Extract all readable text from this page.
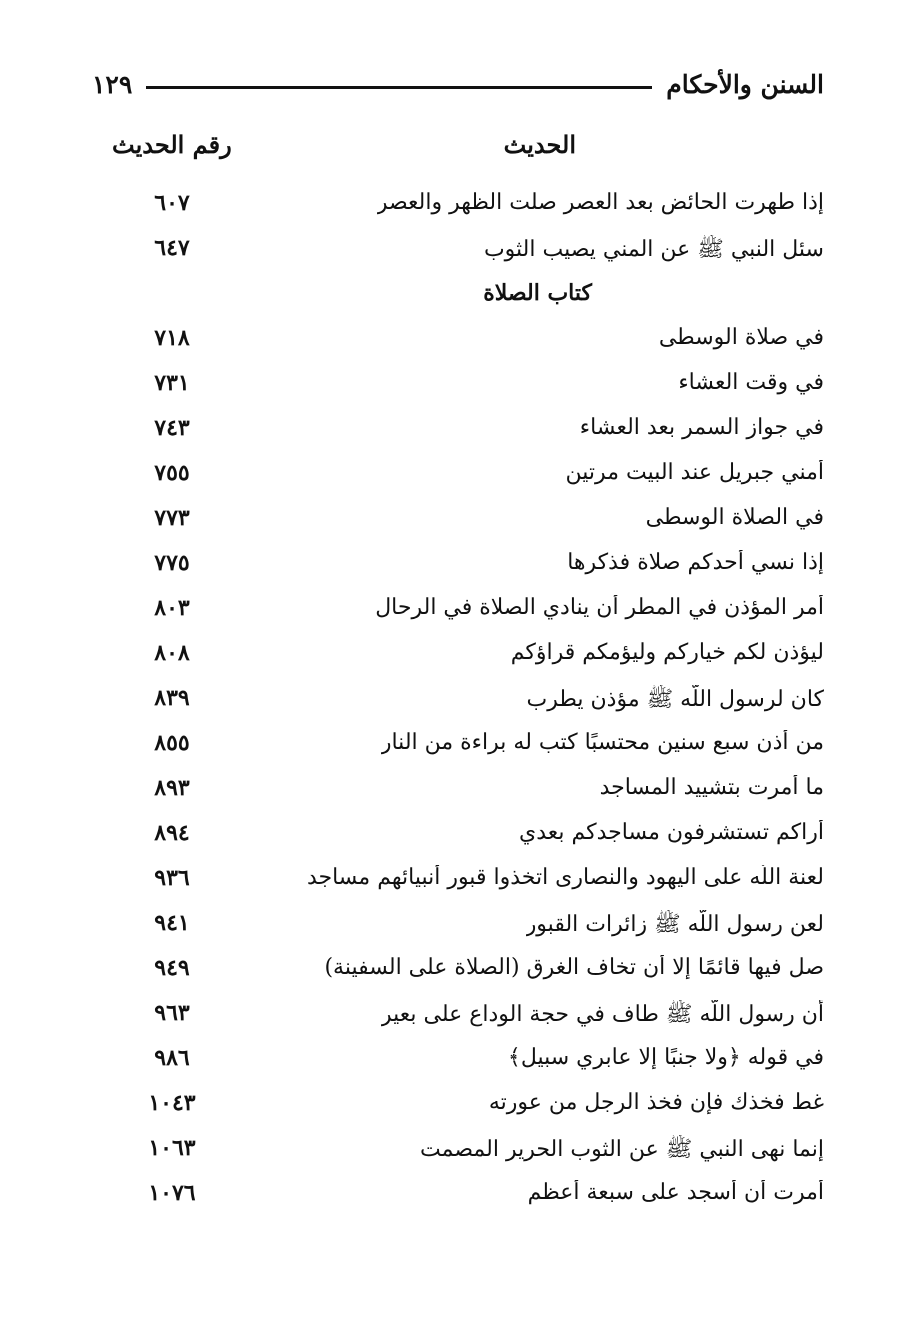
السنن والأحكام
١٢٩
الحديث
رقم الحديث
إذا طهرت الحائض بعد العصر صلت الظهر والعصر
٦٠٧
سئل النبي ﷺ عن المني يصيب الثوب
٦٤٧
كتاب الصلاة
في صلاة الوسطى
٧١٨
في وقت العشاء
٧٣١
في جواز السمر بعد العشاء
٧٤٣
أمني جبريل عند البيت مرتين
٧٥٥
في الصلاة الوسطى
٧٧٣
إذا نسي أحدكم صلاة فذكرها
٧٧٥
أمر المؤذن في المطر أن ينادي الصلاة في الرحال
٨٠٣
ليؤذن لكم خياركم وليؤمكم قراؤكم
٨٠٨
كان لرسول اللّه ﷺ مؤذن يطرب
٨٣٩
من أذن سبع سنين محتسبًا كتب له براءة من النار
٨٥٥
ما أمرت بتشييد المساجد
٨٩٣
أراكم تستشرفون مساجدكم بعدي
٨٩٤
لعنة اللّه على اليهود والنصارى اتخذوا قبور أنبيائهم مساجد
٩٣٦
لعن رسول اللّه ﷺ زائرات القبور
٩٤١
صل فيها قائمًا إلا أن تخاف الغرق (الصلاة على السفينة)
٩٤٩
أن رسول اللّه ﷺ طاف في حجة الوداع على بعير
٩٦٣
في قوله ﴿ولا جنبًا إلا عابري سبيل﴾
٩٨٦
غط فخذك فإن فخذ الرجل من عورته
١٠٤٣
إنما نهى النبي ﷺ عن الثوب الحرير المصمت
١٠٦٣
أمرت أن أسجد على سبعة أعظم
١٠٧٦
